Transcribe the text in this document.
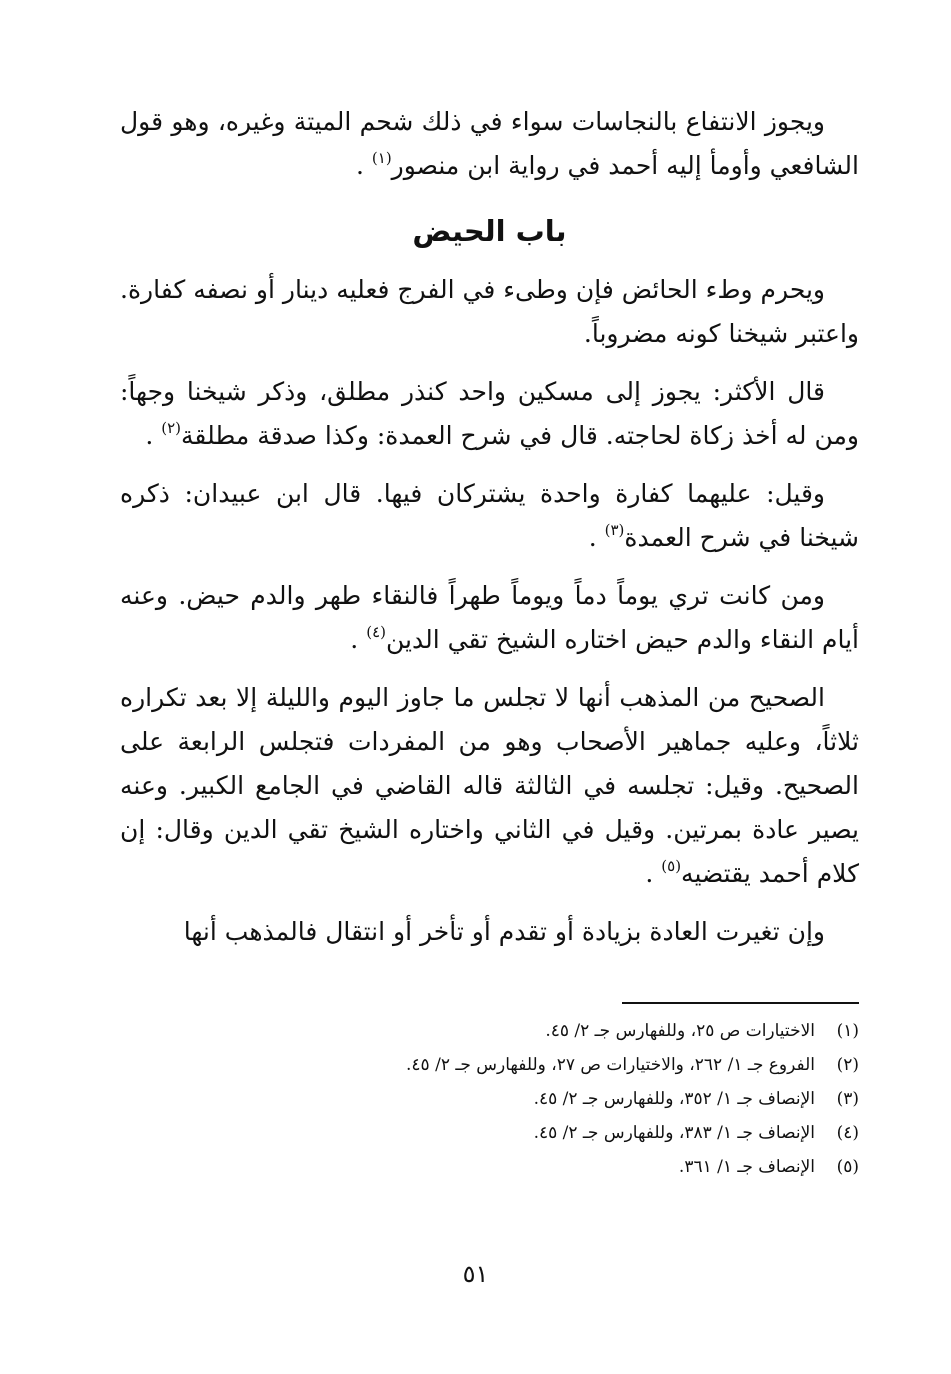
ويجوز الانتفاع بالنجاسات سواء في ذلك شحم الميتة وغيره، وهو قول الشافعي وأومأ إليه أحمد في رواية ابن منصور$^{(١)}$ .

باب الحيض

ويحرم وطء الحائض فإن وطىء في الفرج فعليه دينار أو نصفه كفارة. واعتبر شيخنا كونه مضروباً.

قال الأكثر: يجوز إلى مسكين واحد كنذر مطلق، وذكر شيخنا وجهاً: ومن له أخذ زكاة لحاجته. قال في شرح العمدة: وكذا صدقة مطلقة$^{(٢)}$ .

وقيل: عليهما كفارة واحدة يشتركان فيها. قال ابن عبيدان: ذكره شيخنا في شرح العمدة$^{(٣)}$ .

ومن كانت تري يوماً دماً ويوماً طهراً فالنقاء طهر والدم حيض. وعنه أيام النقاء والدم حيض اختاره الشيخ تقي الدين$^{(٤)}$ .

الصحيح من المذهب أنها لا تجلس ما جاوز اليوم والليلة إلا بعد تكراره ثلاثاً، وعليه جماهير الأصحاب وهو من المفردات فتجلس الرابعة على الصحيح. وقيل: تجلسه في الثالثة قاله القاضي في الجامع الكبير. وعنه يصير عادة بمرتين. وقيل في الثاني واختاره الشيخ تقي الدين وقال: إن كلام أحمد يقتضيه$^{(٥)}$ .

وإن تغيرت العادة بزيادة أو تقدم أو تأخر أو انتقال فالمذهب أنها

(١)الاختيارات ص ٢٥، وللفهارس جـ ٢/ ٤٥.
(٢)الفروع جـ ١/ ٢٦٢، والاختيارات ص ٢٧، وللفهارس جـ ٢/ ٤٥.
(٣)الإنصاف جـ ١/ ٣٥٢، وللفهارس جـ ٢/ ٤٥.
(٤)الإنصاف جـ ١/ ٣٨٣، وللفهارس جـ ٢/ ٤٥.
(٥)الإنصاف جـ ١/ ٣٦١.
٥١
